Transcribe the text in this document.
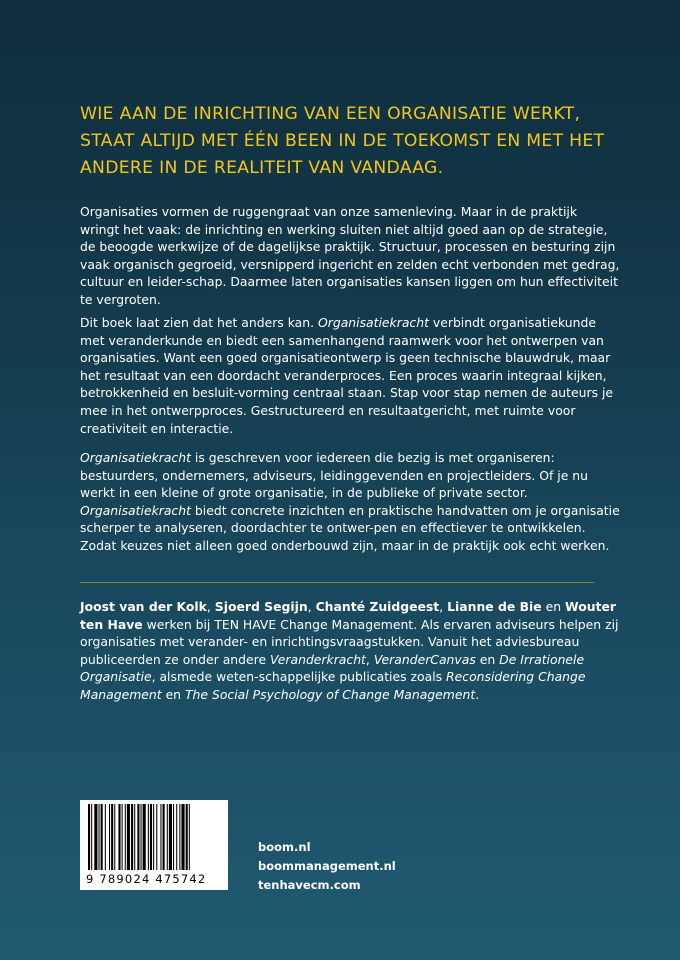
WIE AAN DE INRICHTING VAN EEN ORGANISATIE WERKT, STAAT ALTIJD MET ÉÉN BEEN IN DE TOEKOMST EN MET HET ANDERE IN DE REALITEIT VAN VANDAAG.

Organisaties vormen de ruggengraat van onze samenleving. Maar in de praktijk wringt het vaak: de inrichting en werking sluiten niet altijd goed aan op de strategie, de beoogde werkwijze of de dagelijkse praktijk. Structuur, processen en besturing zijn vaak organisch gegroeid, versnipperd ingericht en zelden echt verbonden met gedrag, cultuur en leider-schap. Daarmee laten organisaties kansen liggen om hun effectiviteit te vergroten.

Dit boek laat zien dat het anders kan. Organisatiekracht verbindt organisatiekunde met veranderkunde en biedt een samenhangend raamwerk voor het ontwerpen van organisaties. Want een goed organisatieontwerp is geen technische blauwdruk, maar het resultaat van een doordacht veranderproces. Een proces waarin integraal kijken, betrokkenheid en besluit-vorming centraal staan. Stap voor stap nemen de auteurs je mee in het ontwerpproces. Gestructureerd en resultaatgericht, met ruimte voor creativiteit en interactie.

Organisatiekracht is geschreven voor iedereen die bezig is met organiseren: bestuurders, ondernemers, adviseurs, leidinggevenden en projectleiders. Of je nu werkt in een kleine of grote organisatie, in de publieke of private sector. Organisatiekracht biedt concrete inzichten en praktische handvatten om je organisatie scherper te analyseren, doordachter te ontwer-pen en effectiever te ontwikkelen. Zodat keuzes niet alleen goed onderbouwd zijn, maar in de praktijk ook echt werken.

Joost van der Kolk, Sjoerd Segijn, Chanté Zuidgeest, Lianne de Bie en Wouter ten Have werken bij TEN HAVE Change Management. Als ervaren adviseurs helpen zij organisaties met verander- en inrichtingsvraagstukken. Vanuit het adviesbureau publiceerden ze onder andere Veranderkracht, VeranderCanvas en De Irrationele Organisatie, alsmede weten-schappelijke publicaties zoals Reconsidering Change Management en The Social Psychology of Change Management.

9 789024 475742
boom.nl
boommanagement.nl
tenhavecm.com
